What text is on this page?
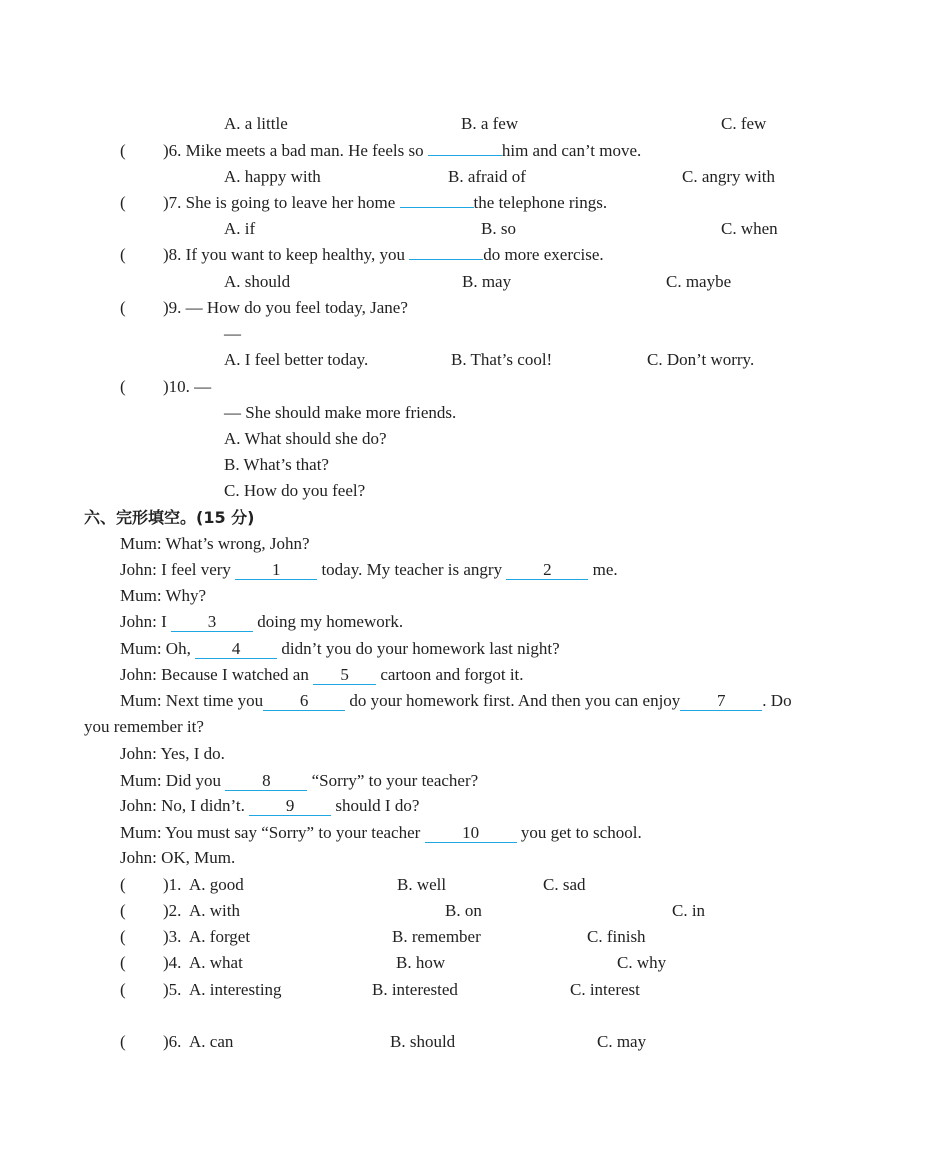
A. a little	B. a few	C. few
( )6. Mike meets a bad man. He feels so	him and can’t move.
A. happy with	B. afraid of	C. angry with
( )7. She is going to leave her home	the telephone rings.
A. if	B. so	C. when
( )8. If you want to keep healthy, you	do more exercise.
A. should	B. may	C. maybe
( )9. — How do you feel today, Jane?
—
A. I feel better today.	B. That’s cool!	C. Don’t worry.
( )10. —
— She should make more friends.
A. What should she do?
B. What’s that?
C. How do you feel?
六、完形填空。(15 分)
Mum: What’s wrong, John?
John: I feel very 1 today. My teacher is angry 2 me.
Mum: Why?
John: I 3 doing my homework.
Mum: Oh, 4 didn’t you do your homework last night?
John: Because I watched an 5 cartoon and forgot it.
Mum: Next time you 6 do your homework first. And then you can enjoy 7 . Do
you remember it?
John: Yes, I do.
Mum: Did you 8 “Sorry” to your teacher?
John: No, I didn’t. 9 should I do?
Mum: You must say “Sorry” to your teacher 10 you get to school.
John: OK, Mum.
( )1. A. good	B. well	C. sad
( )2. A. with	B. on	C. in
( )3. A. forget	B. remember	C. finish
( )4. A. what	B. how	C. why
( )5. A. interesting	B. interested	C. interest
( )6. A. can	B. should	C. may
